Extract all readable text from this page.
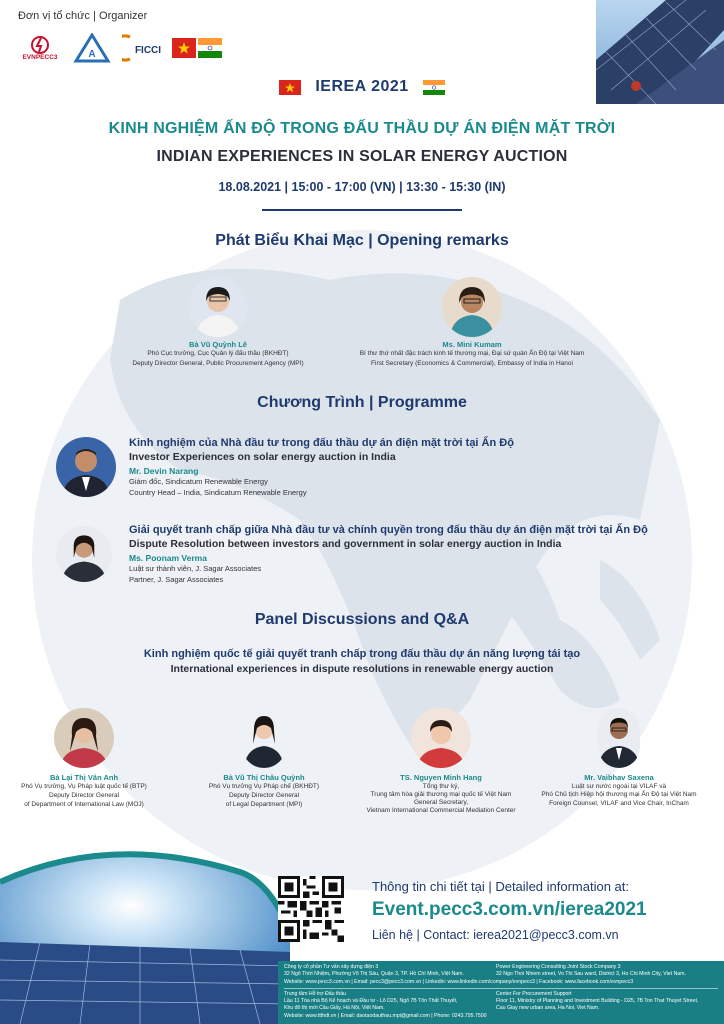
Đơn vị tổ chức | Organizer
EVNPECC3	A	FICCI
IEREA 2021
KINH NGHIỆM ẤN ĐỘ TRONG ĐẤU THẦU DỰ ÁN ĐIỆN MẶT TRỜI
INDIAN EXPERIENCES IN SOLAR ENERGY AUCTION
18.08.2021 | 15:00 - 17:00 (VN) | 13:30 - 15:30 (IN)
Phát Biểu Khai Mạc | Opening remarks
Bà Vũ Quỳnh Lê
Phó Cục trưởng, Cục Quản lý đấu thầu (BKHĐT)
Deputy Director General, Public Procurement Agency (MPI)
Ms. Mini Kumam
Bí thư thứ nhất đặc trách kinh tế thương mại, Đại sứ quán Ấn Độ tại Việt Nam
First Secretary (Economics & Commercial), Embassy of India in Hanoi
Chương Trình | Programme
Kinh nghiệm của Nhà đầu tư trong đấu thầu dự án điện mặt trời tại Ấn Độ
Investor Experiences on solar energy auction in India
Mr. Devin Narang
Giám đốc, Sindicatum Renewable Energy
Country Head – India, Sindicatum Renewable Energy
Giải quyết tranh chấp giữa Nhà đầu tư và chính quyền trong đấu thầu dự án điện mặt trời tại Ấn Độ
Dispute Resolution between investors and government in solar energy auction in India
Ms. Poonam Verma
Luật sư thành viên, J. Sagar Associates
Partner, J. Sagar Associates
Panel Discussions and Q&A
Kinh nghiệm quốc tế giải quyết tranh chấp trong đấu thầu dự án năng lượng tái tạo
International experiences in dispute resolutions in renewable energy auction
Bà Lại Thị Vân Anh
Phó Vụ trưởng, Vụ Pháp luật quốc tế (BTP)
Deputy Director General
of Department of International Law (MOJ)
Bà Vũ Thị Châu Quỳnh
Phó Vụ trưởng Vụ Pháp chế (BKHĐT)
Deputy Director General
of Legal Department (MPI)
TS. Nguyen Minh Hang
Tổng thư ký,
Trung tâm hòa giải thương mại quốc tế Việt Nam
General Secretary,
Vietnam International Commercial Mediation Center
Mr. Vaibhav Saxena
Luật sư nước ngoài tại VILAF và
Phó Chủ tịch Hiệp hội thương mại Ấn Độ tại Việt Nam
Foreign Counsel, VILAF and Vice Chair, InCham
Thông tin chi tiết tại | Detailed information at:
Event.pecc3.com.vn/ierea2021
Liên hệ | Contact: ierea2021@pecc3.com.vn
Công ty cổ phần Tư vấn xây dựng điện 3
32 Ngô Thời Nhiệm, Phường Võ Thị Sáu, Quận 3, TP. Hồ Chí Minh, Việt Nam.
Website: www.pecc3.com.vn | Email: pecc3@pecc3.com.vn | Linkedin: www.linkedin.com/company/evnpecc3 | Facebook: www.facebook.com/evnpecc3
Power Engineering Consulting Joint Stock Company 3
32 Ngo Thoi Nhiem street, Vo Thi Sau ward, District 3, Ho Chi Minh City, Viet Nam.
Trung tâm Hỗ trợ Đấu thầu
Lầu 11 Tòa nhà Bộ Kế hoạch và Đầu tư - Lô D25, Ngõ 7B Tôn Thất Thuyết,
Khu đô thị mới Cầu Giấy, Hà Nội, Việt Nam.
Website: www.ttthdt.vn | Email: daotaodauthau.mpi@gmail.com | Phone: 0243.795.7500
Center For Procurement Support
Floor 11, Ministry of Planning and Investment Building - D25, 7B Ton That Thuyet Street,
Cau Giay new urban area, Ha Noi, Viet Nam.
